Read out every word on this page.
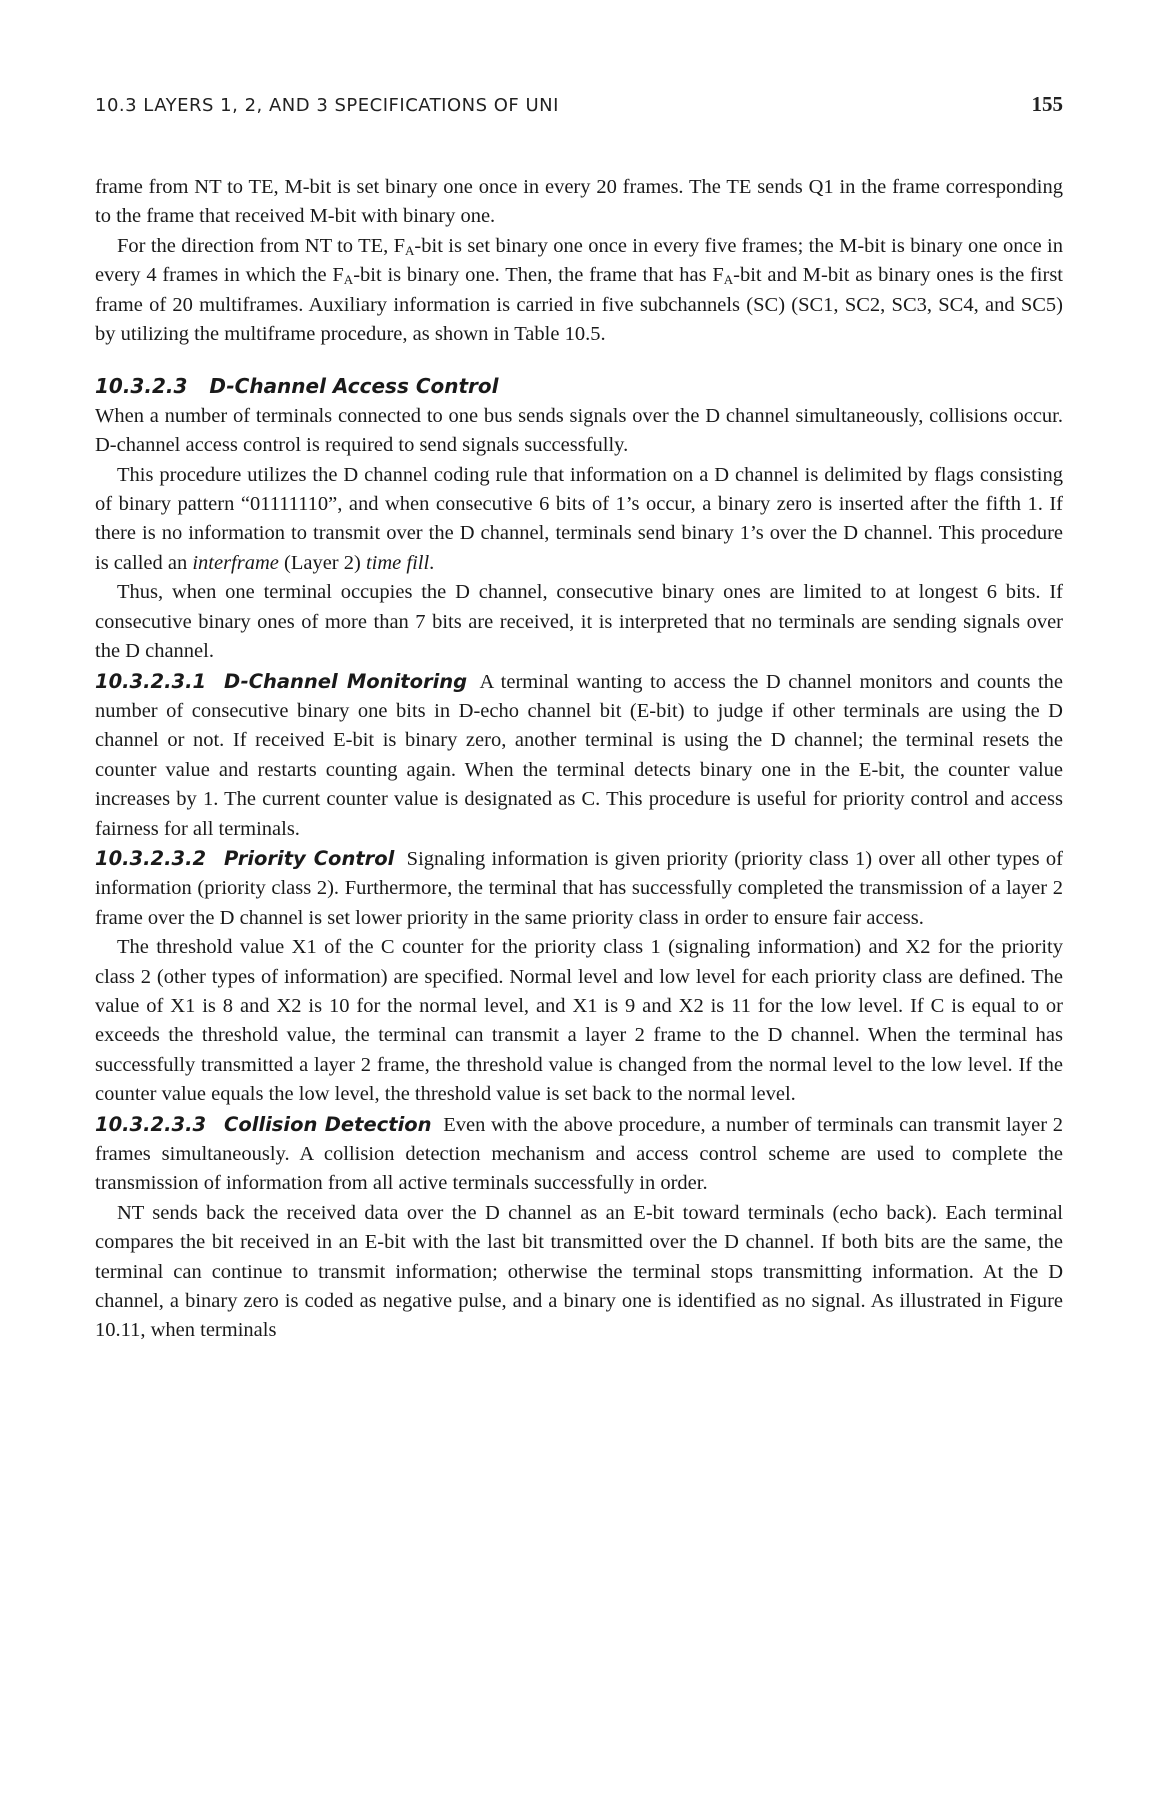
10.3 LAYERS 1, 2, AND 3 SPECIFICATIONS OF UNI	155

frame from NT to TE, M-bit is set binary one once in every 20 frames. The TE sends Q1 in the frame corresponding to the frame that received M-bit with binary one.

For the direction from NT to TE, $F_A$-bit is set binary one once in every five frames; the M-bit is binary one once in every 4 frames in which the $F_A$-bit is binary one. Then, the frame that has $F_A$-bit and M-bit as binary ones is the first frame of 20 multiframes. Auxiliary information is carried in five subchannels (SC) (SC1, SC2, SC3, SC4, and SC5) by utilizing the multiframe procedure, as shown in Table 10.5.

10.3.2.3 D-Channel Access Control

When a number of terminals connected to one bus sends signals over the D channel simultaneously, collisions occur. D-channel access control is required to send signals successfully.

This procedure utilizes the D channel coding rule that information on a D channel is delimited by flags consisting of binary pattern “01111110”, and when consecutive 6 bits of 1’s occur, a binary zero is inserted after the fifth 1. If there is no information to transmit over the D channel, terminals send binary 1’s over the D channel. This procedure is called an interframe (Layer 2) time fill.

Thus, when one terminal occupies the D channel, consecutive binary ones are limited to at longest 6 bits. If consecutive binary ones of more than 7 bits are received, it is interpreted that no terminals are sending signals over the D channel.

10.3.2.3.1 D-Channel Monitoring A terminal wanting to access the D channel monitors and counts the number of consecutive binary one bits in D-echo channel bit (E-bit) to judge if other terminals are using the D channel or not. If received E-bit is binary zero, another terminal is using the D channel; the terminal resets the counter value and restarts counting again. When the terminal detects binary one in the E-bit, the counter value increases by 1. The current counter value is designated as C. This procedure is useful for priority control and access fairness for all terminals.

10.3.2.3.2 Priority Control Signaling information is given priority (priority class 1) over all other types of information (priority class 2). Furthermore, the terminal that has successfully completed the transmission of a layer 2 frame over the D channel is set lower priority in the same priority class in order to ensure fair access.

The threshold value X1 of the C counter for the priority class 1 (signaling information) and X2 for the priority class 2 (other types of information) are specified. Normal level and low level for each priority class are defined. The value of X1 is 8 and X2 is 10 for the normal level, and X1 is 9 and X2 is 11 for the low level. If C is equal to or exceeds the threshold value, the terminal can transmit a layer 2 frame to the D channel. When the terminal has successfully transmitted a layer 2 frame, the threshold value is changed from the normal level to the low level. If the counter value equals the low level, the threshold value is set back to the normal level.

10.3.2.3.3 Collision Detection Even with the above procedure, a number of terminals can transmit layer 2 frames simultaneously. A collision detection mechanism and access control scheme are used to complete the transmission of information from all active terminals successfully in order.

NT sends back the received data over the D channel as an E-bit toward terminals (echo back). Each terminal compares the bit received in an E-bit with the last bit transmitted over the D channel. If both bits are the same, the terminal can continue to transmit information; otherwise the terminal stops transmitting information. At the D channel, a binary zero is coded as negative pulse, and a binary one is identified as no signal. As illustrated in Figure 10.11, when terminals
